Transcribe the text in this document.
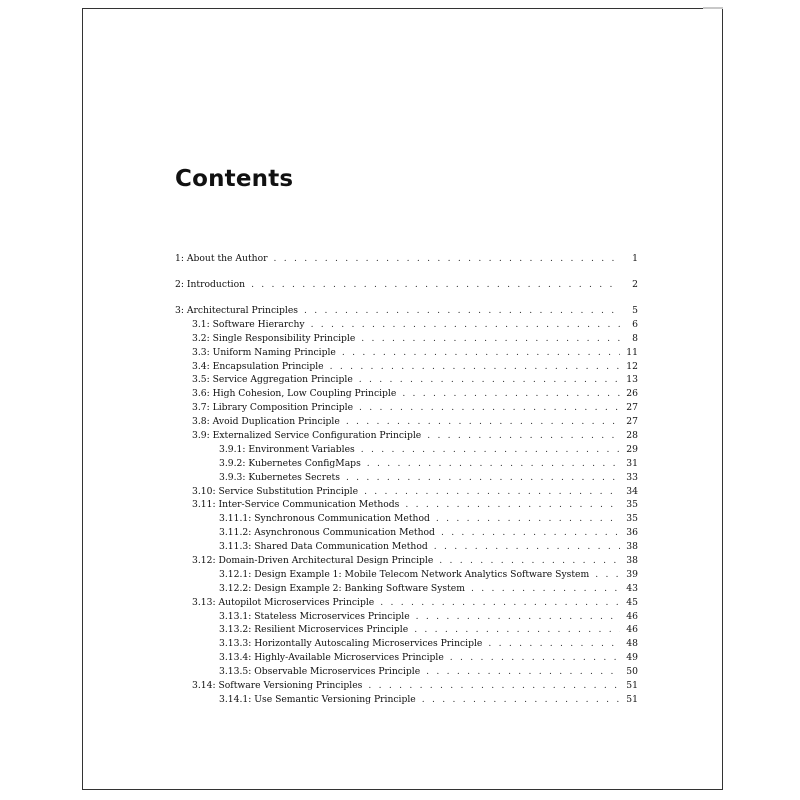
Contents
1: About the Author . . .	1
2: Introduction . . .	2
3: Architectural Principles . . .	5
3.1: Software Hierarchy . . .	6
3.2: Single Responsibility Principle . . .	8
3.3: Uniform Naming Principle . . .	11
3.4: Encapsulation Principle . . .	12
3.5: Service Aggregation Principle . . .	13
3.6: High Cohesion, Low Coupling Principle . . .	26
3.7: Library Composition Principle . . .	27
3.8: Avoid Duplication Principle . . .	27
3.9: Externalized Service Configuration Principle . . .	28
3.9.1: Environment Variables . . .	29
3.9.2: Kubernetes ConfigMaps . . .	31
3.9.3: Kubernetes Secrets . . .	33
3.10: Service Substitution Principle . . .	34
3.11: Inter-Service Communication Methods . . .	35
3.11.1: Synchronous Communication Method . . .	35
3.11.2: Asynchronous Communication Method . . .	36
3.11.3: Shared Data Communication Method . . .	38
3.12: Domain-Driven Architectural Design Principle . . .	38
3.12.1: Design Example 1: Mobile Telecom Network Analytics Software System . . .	39
3.12.2: Design Example 2: Banking Software System . . .	43
3.13: Autopilot Microservices Principle . . .	45
3.13.1: Stateless Microservices Principle . . .	46
3.13.2: Resilient Microservices Principle . . .	46
3.13.3: Horizontally Autoscaling Microservices Principle . . .	48
3.13.4: Highly-Available Microservices Principle . . .	49
3.13.5: Observable Microservices Principle . . .	50
3.14: Software Versioning Principles . . .	51
3.14.1: Use Semantic Versioning Principle . . .	51
